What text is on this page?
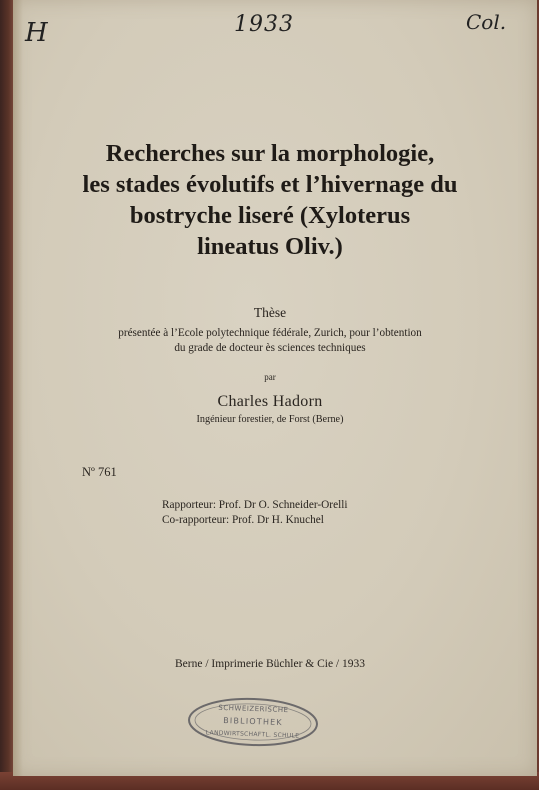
H	1933	Col.

Recherches sur la morphologie,
les stades évolutifs et l’hivernage du
bostryche liseré (Xyloterus
lineatus Oliv.)

Thèse

présentée à l’Ecole polytechnique fédérale, Zurich, pour l’obtention

du grade de docteur ès sciences techniques

par

Charles Hadorn

Ingénieur forestier, de Forst (Berne)

Nº 761

Rapporteur: Prof. Dr O. Schneider-Orelli

Co-rapporteur: Prof. Dr H. Knuchel

Berne / Imprimerie Büchler & Cie / 1933

SCHWEIZERISCHE
BIBLIOTHEK
LANDWIRTSCHAFTL. SCHULE
